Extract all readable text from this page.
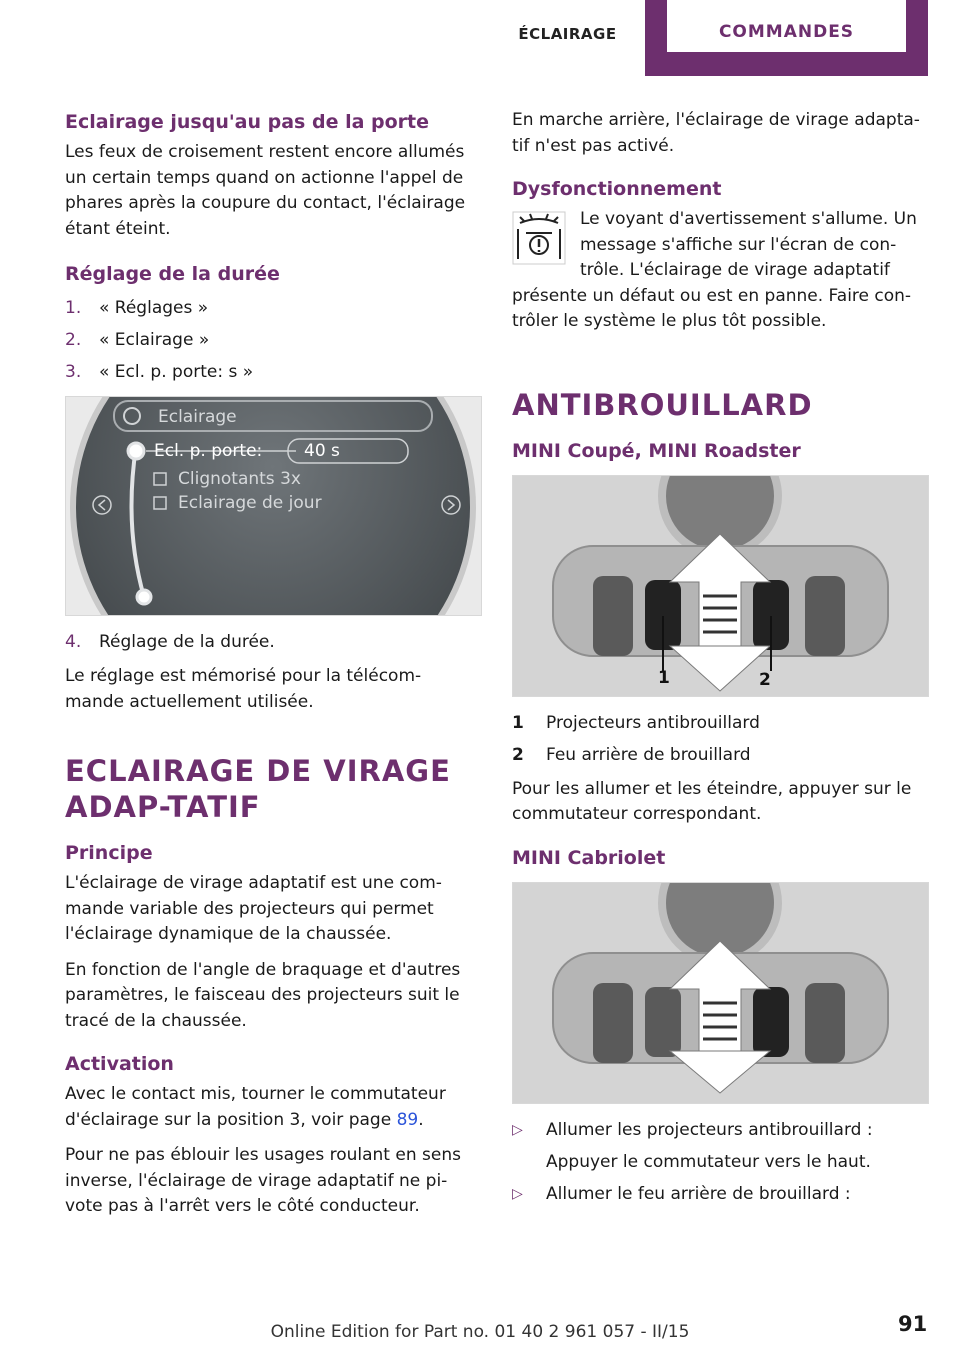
ÉCLAIRAGE	COMMANDES
Eclairage jusqu'au pas de la porte

Les feux de croisement restent encore allumés un certain temps quand on actionne l'appel de phares après la coupure du contact, l'éclairage étant éteint.

Réglage de la durée
1.	« Réglages »
2.	« Eclairage »
3.	« Ecl. p. porte: s »
Eclairage
Ecl. p. porte: 40 s
Clignotants 3x
Eclairage de jour
4.	Réglage de la durée.

Le réglage est mémorisé pour la télécom-mande actuellement utilisée.

ECLAIRAGE DE VIRAGE ADAP-TATIF
Principe

L'éclairage de virage adaptatif est une com-mande variable des projecteurs qui permet l'éclairage dynamique de la chaussée.

En fonction de l'angle de braquage et d'autres paramètres, le faisceau des projecteurs suit le tracé de la chaussée.

Activation

Avec le contact mis, tourner le commutateur d'éclairage sur la position 3, voir page 89.

Pour ne pas éblouir les usages roulant en sens inverse, l'éclairage de virage adaptatif ne pi-vote pas à l'arrêt vers le côté conducteur.

En marche arrière, l'éclairage de virage adapta-tif n'est pas activé.

Dysfonctionnement

Le voyant d'avertissement s'allume. Un message s'affiche sur l'écran de con-trôle. L'éclairage de virage adaptatif

présente un défaut ou est en panne. Faire con-trôler le système le plus tôt possible.

ANTIBROUILLARD
MINI Coupé, MINI Roadster
1	2
1	Projecteurs antibrouillard
2	Feu arrière de brouillard

Pour les allumer et les éteindre, appuyer sur le commutateur correspondant.

MINI Cabriolet
▷	Allumer les projecteurs antibrouillard :
Appuyer le commutateur vers le haut.
▷	Allumer le feu arrière de brouillard :
Online Edition for Part no. 01 40 2 961 057 - II/15	91
